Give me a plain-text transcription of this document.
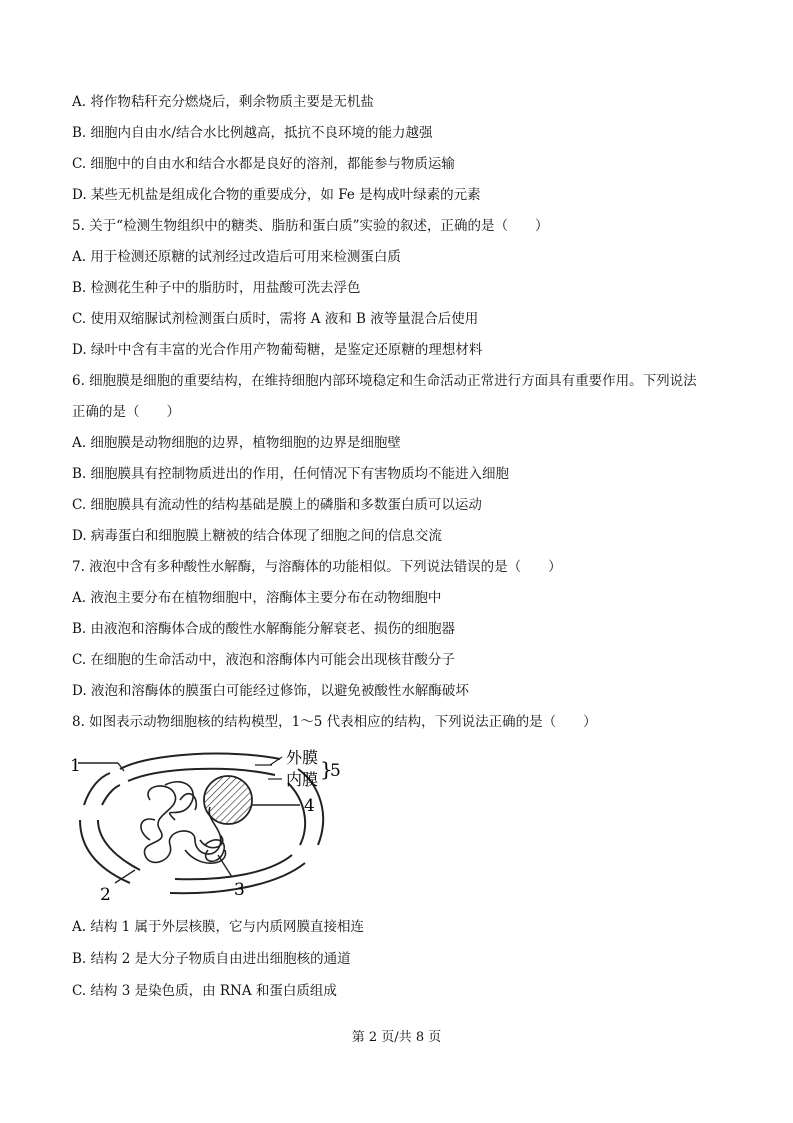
A. 将作物秸秆充分燃烧后，剩余物质主要是无机盐
B. 细胞内自由水/结合水比例越高，抵抗不良环境的能力越强
C. 细胞中的自由水和结合水都是良好的溶剂，都能参与物质运输
D. 某些无机盐是组成化合物的重要成分，如 Fe 是构成叶绿素的元素
5. 关于“检测生物组织中的糖类、脂肪和蛋白质”实验的叙述，正确的是（　　）
A. 用于检测还原糖的试剂经过改造后可用来检测蛋白质
B. 检测花生种子中的脂肪时，用盐酸可洗去浮色
C. 使用双缩脲试剂检测蛋白质时，需将 A 液和 B 液等量混合后使用
D. 绿叶中含有丰富的光合作用产物葡萄糖，是鉴定还原糖的理想材料
6. 细胞膜是细胞的重要结构，在维持细胞内部环境稳定和生命活动正常进行方面具有重要作用。下列说法
正确的是（　　）
A. 细胞膜是动物细胞的边界，植物细胞的边界是细胞壁
B. 细胞膜具有控制物质进出的作用，任何情况下有害物质均不能进入细胞
C. 细胞膜具有流动性的结构基础是膜上的磷脂和多数蛋白质可以运动
D. 病毒蛋白和细胞膜上糖被的结合体现了细胞之间的信息交流
7. 液泡中含有多种酸性水解酶，与溶酶体的功能相似。下列说法错误的是（　　）
A. 液泡主要分布在植物细胞中，溶酶体主要分布在动物细胞中
B. 由液泡和溶酶体合成的酸性水解酶能分解衰老、损伤的细胞器
C. 在细胞的生命活动中，液泡和溶酶体内可能会出现核苷酸分子
D. 液泡和溶酶体的膜蛋白可能经过修饰，以避免被酸性水解酶破坏
8. 如图表示动物细胞核的结构模型，1～5 代表相应的结构，下列说法正确的是（　　）
1	外膜
内膜 }
5
4
2	3
A. 结构 1 属于外层核膜，它与内质网膜直接相连
B. 结构 2 是大分子物质自由进出细胞核的通道
C. 结构 3 是染色质，由 RNA 和蛋白质组成
第 2 页/共 8 页
